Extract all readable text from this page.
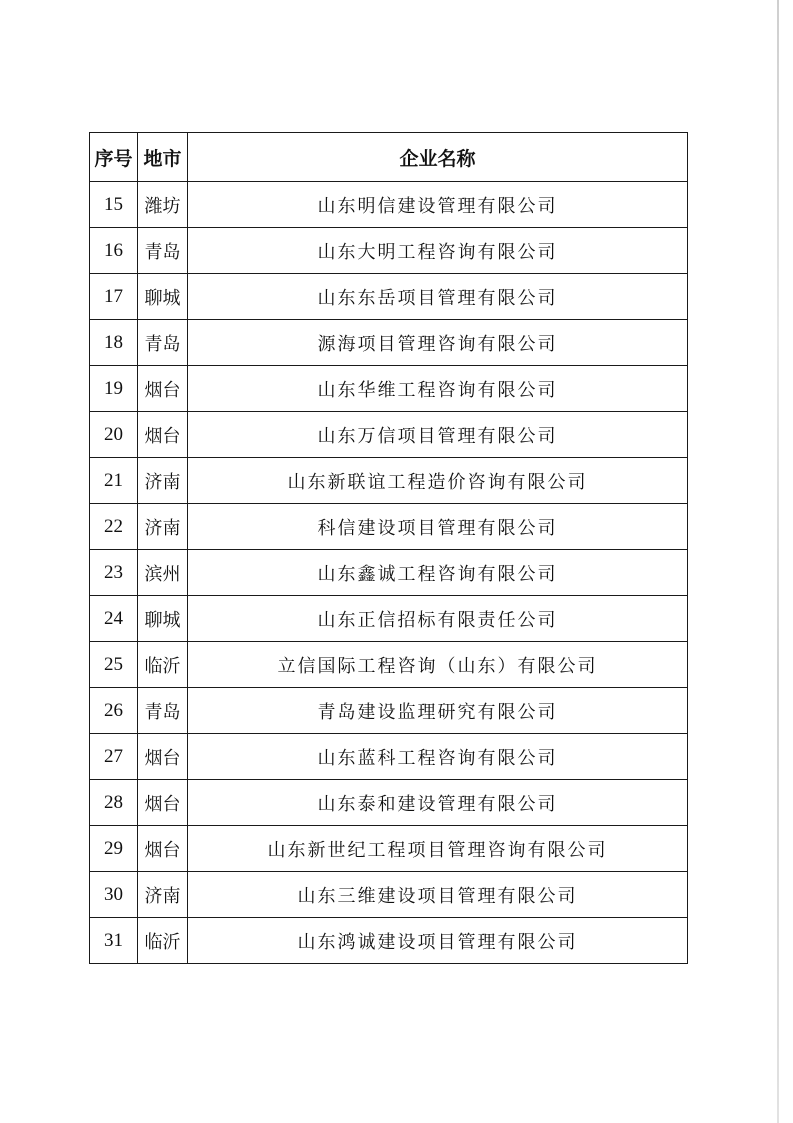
序号	地市	企业名称
15	潍坊	山东明信建设管理有限公司
16	青岛	山东大明工程咨询有限公司
17	聊城	山东东岳项目管理有限公司
18	青岛	源海项目管理咨询有限公司
19	烟台	山东华维工程咨询有限公司
20	烟台	山东万信项目管理有限公司
21	济南	山东新联谊工程造价咨询有限公司
22	济南	科信建设项目管理有限公司
23	滨州	山东鑫诚工程咨询有限公司
24	聊城	山东正信招标有限责任公司
25	临沂	立信国际工程咨询（山东）有限公司
26	青岛	青岛建设监理研究有限公司
27	烟台	山东蓝科工程咨询有限公司
28	烟台	山东泰和建设管理有限公司
29	烟台	山东新世纪工程项目管理咨询有限公司
30	济南	山东三维建设项目管理有限公司
31	临沂	山东鸿诚建设项目管理有限公司
